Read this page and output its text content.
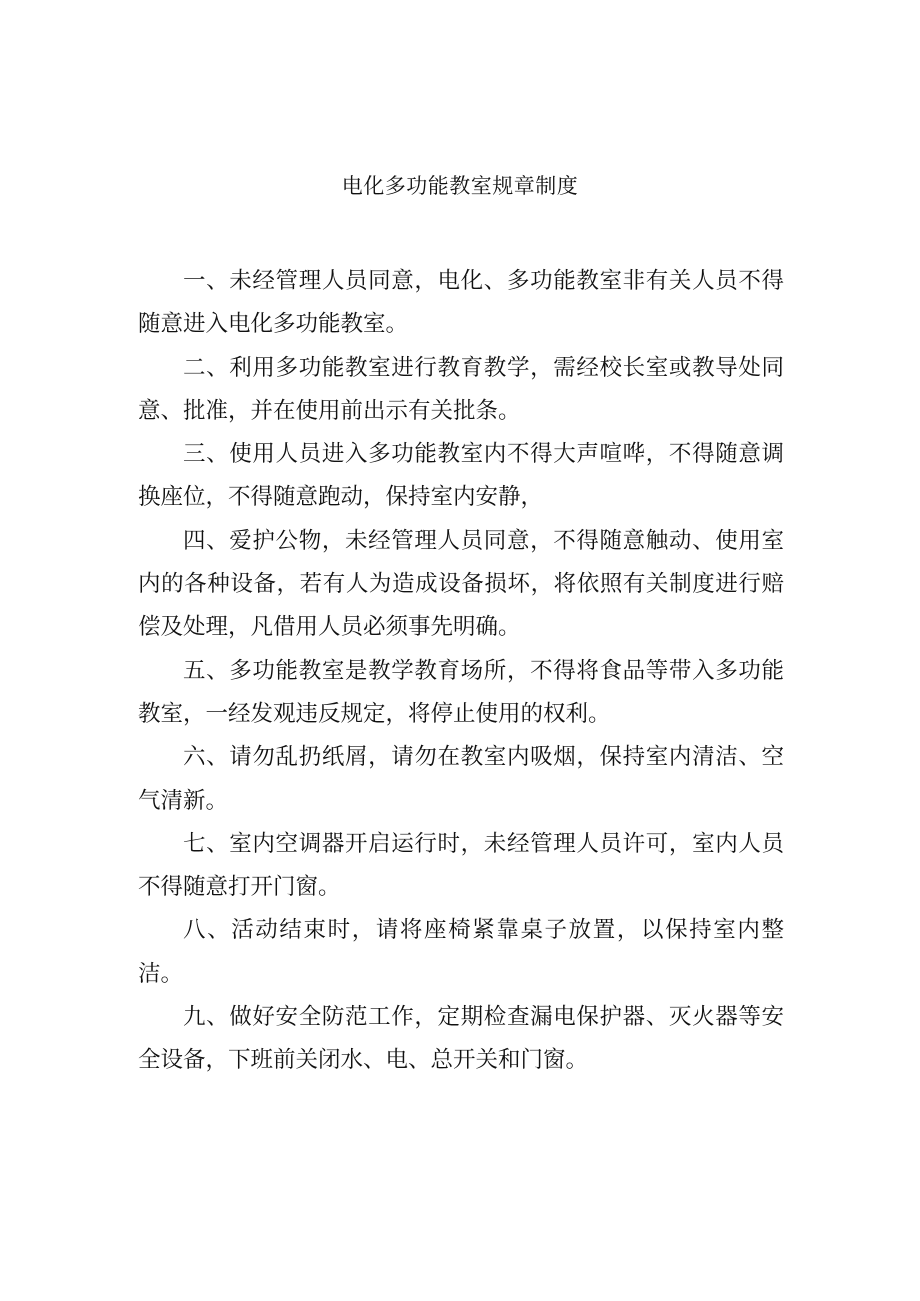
电化多功能教室规章制度

一、未经管理人员同意，电化、多功能教室非有关人员不得随意进入电化多功能教室。

二、利用多功能教室进行教育教学，需经校长室或教导处同意、批准，并在使用前出示有关批条。

三、使用人员进入多功能教室内不得大声喧哗，不得随意调换座位，不得随意跑动，保持室内安静，

四、爱护公物，未经管理人员同意，不得随意触动、使用室内的各种设备，若有人为造成设备损坏，将依照有关制度进行赔偿及处理，凡借用人员必须事先明确。

五、多功能教室是教学教育场所，不得将食品等带入多功能教室，一经发观违反规定，将停止使用的权利。

六、请勿乱扔纸屑，请勿在教室内吸烟，保持室内清洁、空气清新。

七、室内空调器开启运行时，未经管理人员许可，室内人员不得随意打开门窗。

八、活动结束时，请将座椅紧靠桌子放置，以保持室内整洁。

九、做好安全防范工作，定期检查漏电保护器、灭火器等安全设备，下班前关闭水、电、总开关和门窗。
